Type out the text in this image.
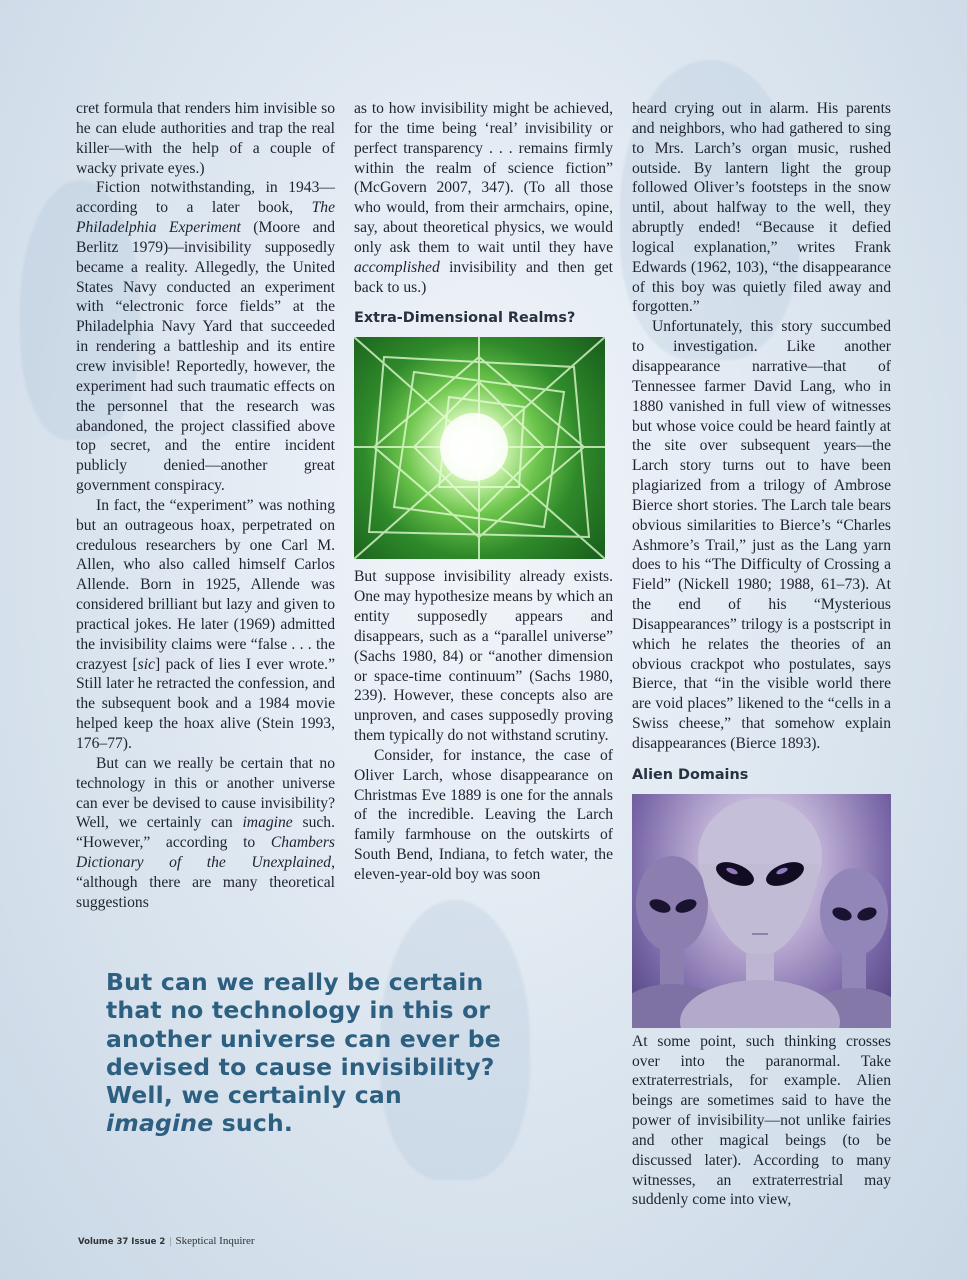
cret formula that renders him invisible so he can elude authorities and trap the real killer—with the help of a couple of wacky private eyes.)

Fiction notwithstanding, in 1943—according to a later book, The Philadelphia Experiment (Moore and Berlitz 1979)—invisibility supposedly became a reality. Allegedly, the United States Navy conducted an experiment with “electronic force fields” at the Philadelphia Navy Yard that succeeded in rendering a battleship and its entire crew invisible! Reportedly, however, the experiment had such traumatic effects on the personnel that the research was abandoned, the project classified above top secret, and the entire incident publicly denied—another great government conspiracy.

In fact, the “experiment” was nothing but an outrageous hoax, perpetrated on credulous researchers by one Carl M. Allen, who also called himself Carlos Allende. Born in 1925, Allende was considered brilliant but lazy and given to practical jokes. He later (1969) admitted the invisibility claims were “false . . . the crazyest [sic] pack of lies I ever wrote.” Still later he retracted the confession, and the subsequent book and a 1984 movie helped keep the hoax alive (Stein 1993, 176–77).

But can we really be certain that no technology in this or another universe can ever be devised to cause invisibility? Well, we certainly can imagine such. “However,” according to Chambers Dictionary of the Unexplained, “although there are many theoretical suggestions

as to how invisibility might be achieved, for the time being ‘real’ invisibility or perfect transparency . . . remains firmly within the realm of science fiction” (McGovern 2007, 347). (To all those who would, from their armchairs, opine, say, about theoretical physics, we would only ask them to wait until they have accomplished invisibility and then get back to us.)

Extra-Dimensional Realms?

But suppose invisibility already exists. One may hypothesize means by which an entity supposedly appears and disappears, such as a “parallel universe” (Sachs 1980, 84) or “another dimension or space-time continuum” (Sachs 1980, 239). However, these concepts also are unproven, and cases supposedly proving them typically do not withstand scrutiny.

Consider, for instance, the case of Oliver Larch, whose disappearance on Christmas Eve 1889 is one for the annals of the incredible. Leaving the Larch family farmhouse on the outskirts of South Bend, Indiana, to fetch water, the eleven-year-old boy was soon

heard crying out in alarm. His parents and neighbors, who had gathered to sing to Mrs. Larch’s organ music, rushed outside. By lantern light the group followed Oliver’s footsteps in the snow until, about halfway to the well, they abruptly ended! “Because it defied logical explanation,” writes Frank Edwards (1962, 103), “the disappearance of this boy was quietly filed away and forgotten.”

Unfortunately, this story succumbed to investigation. Like another disappearance narrative—that of Tennessee farmer David Lang, who in 1880 vanished in full view of witnesses but whose voice could be heard faintly at the site over subsequent years—the Larch story turns out to have been plagiarized from a trilogy of Ambrose Bierce short stories. The Larch tale bears obvious similarities to Bierce’s “Charles Ashmore’s Trail,” just as the Lang yarn does to his “The Difficulty of Crossing a Field” (Nickell 1980; 1988, 61–73). At the end of his “Mysterious Disappearances” trilogy is a postscript in which he relates the theories of an obvious crackpot who postulates, says Bierce, that “in the visible world there are void places” likened to the “cells in a Swiss cheese,” that somehow explain disappearances (Bierce 1893).

Alien Domains

At some point, such thinking crosses over into the paranormal. Take extraterrestrials, for example. Alien beings are sometimes said to have the power of invisibility—not unlike fairies and other magical beings (to be discussed later). According to many witnesses, an extraterrestrial may suddenly come into view,

But can we really be certain that no technology in this or another universe can ever be devised to cause invisibility? Well, we certainly can imagine such.
Volume 37 Issue 2 | Skeptical Inquirer
